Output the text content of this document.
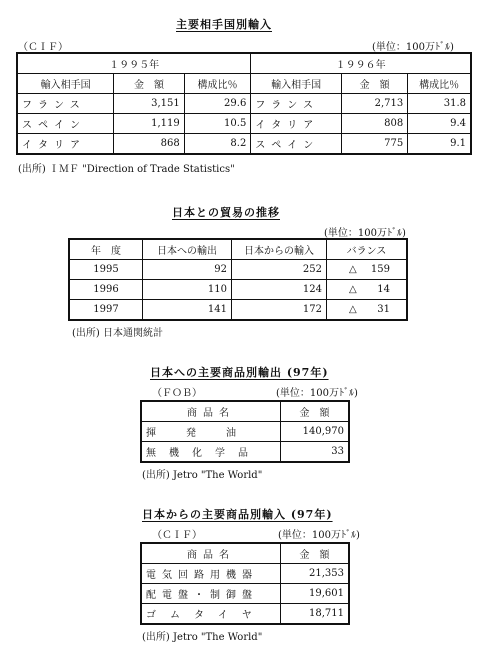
主要相手国別輸入
（ＣＩＦ）	(単位：100万ﾄﾞﾙ)
１９９５年			１９９６年		
輸入相手国	金　額	構成比％	輸入相手国	金　額	構成比％
フランス	3,151	29.6	フランス	2,713	31.8
スペイン	1,119	10.5	イタリア	808	9.4
イタリア	868	8.2	スペイン	775	9.1
(出所) ＩＭＦ "Direction of Trade Statistics"
日本との貿易の推移
(単位：100万ﾄﾞﾙ)
年　度	日本への輸出	日本からの輸入	バランス
1995	92	252	△ 159

1996	110	124	△ 14

1997	141	172	△ 31
(出所) 日本通関統計
日本への主要商品別輸出 (97年)
（ＦＯＢ）	(単位：100万ﾄﾞﾙ)
商品名	金　額
揮発油	140,970
無機化学品	33
(出所) Jetro "The World"
日本からの主要商品別輸入 (97年)
（ＣＩＦ）	(単位：100万ﾄﾞﾙ)
商品名	金　額
電気回路用機器	21,353
配電盤・制御盤	19,601
ゴムタイヤ	18,711
(出所) Jetro "The World"
